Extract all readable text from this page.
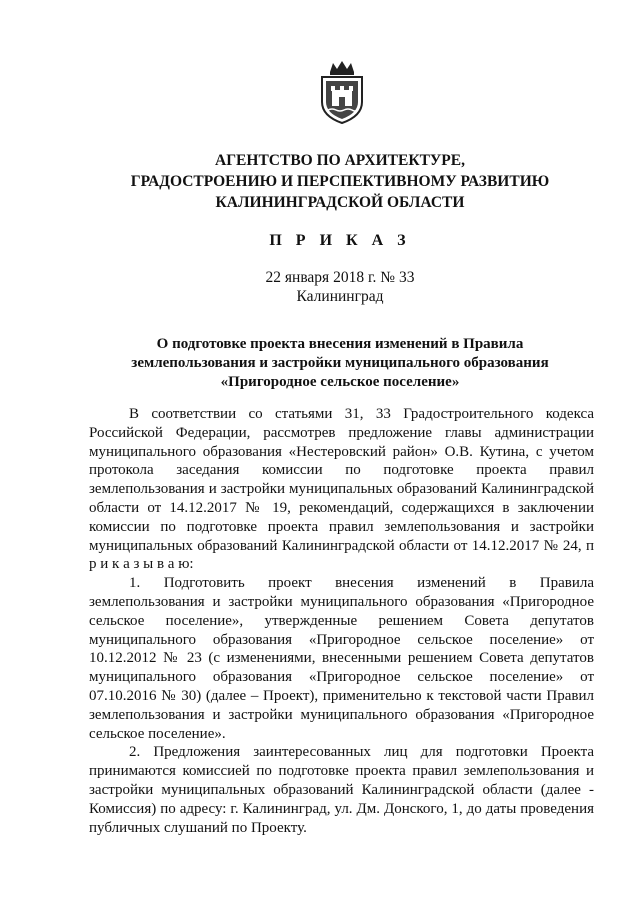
АГЕНТСТВО ПО АРХИТЕКТУРЕ,
ГРАДОСТРОЕНИЮ И ПЕРСПЕКТИВНОМУ РАЗВИТИЮ
КАЛИНИНГРАДСКОЙ ОБЛАСТИ
П Р И К А З
22 января 2018 г. № 33
Калининград
О подготовке проекта внесения изменений в Правила
землепользования и застройки муниципального образования
«Пригородное сельское поселение»

В соответствии со статьями 31, 33 Градостроительного кодекса Российской Федерации, рассмотрев предложение главы администрации муниципального образования «Нестеровский район» О.В. Кутина, с учетом протокола заседания комиссии по подготовке проекта правил землепользования и застройки муниципальных образований Калининградской области от 14.12.2017 № 19, рекомендаций, содержащихся в заключении комиссии по подготовке проекта правил землепользования и застройки муниципальных образований Калининградской области от 14.12.2017 № 24, п р и к а з ы в а ю:

1. Подготовить проект внесения изменений в Правила землепользования и застройки муниципального образования «Пригородное сельское поселение», утвержденные решением Совета депутатов муниципального образования «Пригородное сельское поселение» от 10.12.2012 № 23 (с изменениями, внесенными решением Совета депутатов муниципального образования «Пригородное сельское поселение» от 07.10.2016 № 30) (далее – Проект), применительно к текстовой части Правил землепользования и застройки муниципального образования «Пригородное сельское поселение».

2. Предложения заинтересованных лиц для подготовки Проекта принимаются комиссией по подготовке проекта правил землепользования и застройки муниципальных образований Калининградской области (далее - Комиссия) по адресу: г. Калининград, ул. Дм. Донского, 1, до даты проведения публичных слушаний по Проекту.
